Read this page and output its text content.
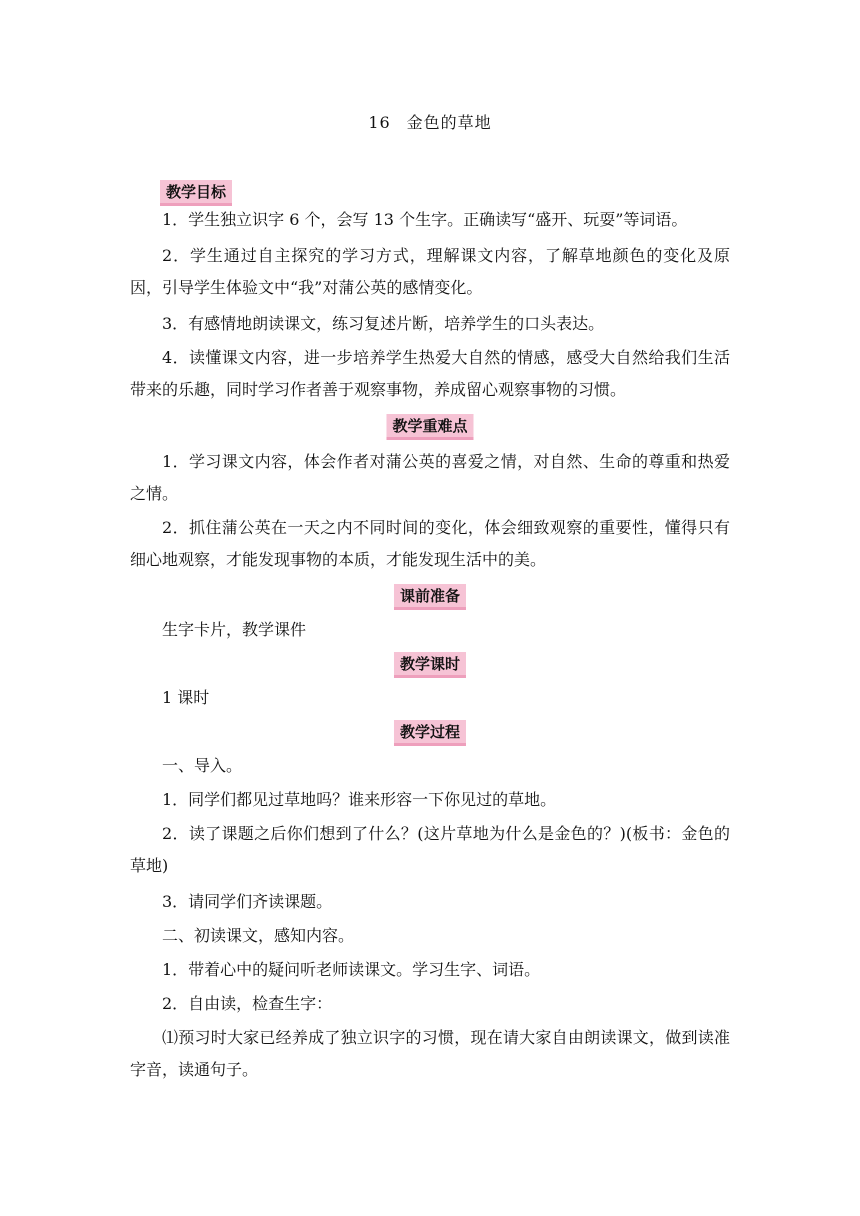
16 金色的草地
教学目标

1．学生独立识字 6 个，会写 13 个生字。正确读写“盛开、玩耍”等词语。

2．学生通过自主探究的学习方式，理解课文内容，了解草地颜色的变化及原因，引导学生体验文中“我”对蒲公英的感情变化。

3．有感情地朗读课文，练习复述片断，培养学生的口头表达。

4．读懂课文内容，进一步培养学生热爱大自然的情感，感受大自然给我们生活带来的乐趣，同时学习作者善于观察事物，养成留心观察事物的习惯。

教学重难点

1．学习课文内容，体会作者对蒲公英的喜爱之情，对自然、生命的尊重和热爱之情。

2．抓住蒲公英在一天之内不同时间的变化，体会细致观察的重要性，懂得只有细心地观察，才能发现事物的本质，才能发现生活中的美。

课前准备

生字卡片，教学课件

教学课时

1 课时

教学过程

一、导入。

1．同学们都见过草地吗？谁来形容一下你见过的草地。

2．读了课题之后你们想到了什么？(这片草地为什么是金色的？)(板书：金色的草地)

3．请同学们齐读课题。

二、初读课文，感知内容。

1．带着心中的疑问听老师读课文。学习生字、词语。

2．自由读，检查生字：

⑴预习时大家已经养成了独立识字的习惯，现在请大家自由朗读课文，做到读准字音，读通句子。
